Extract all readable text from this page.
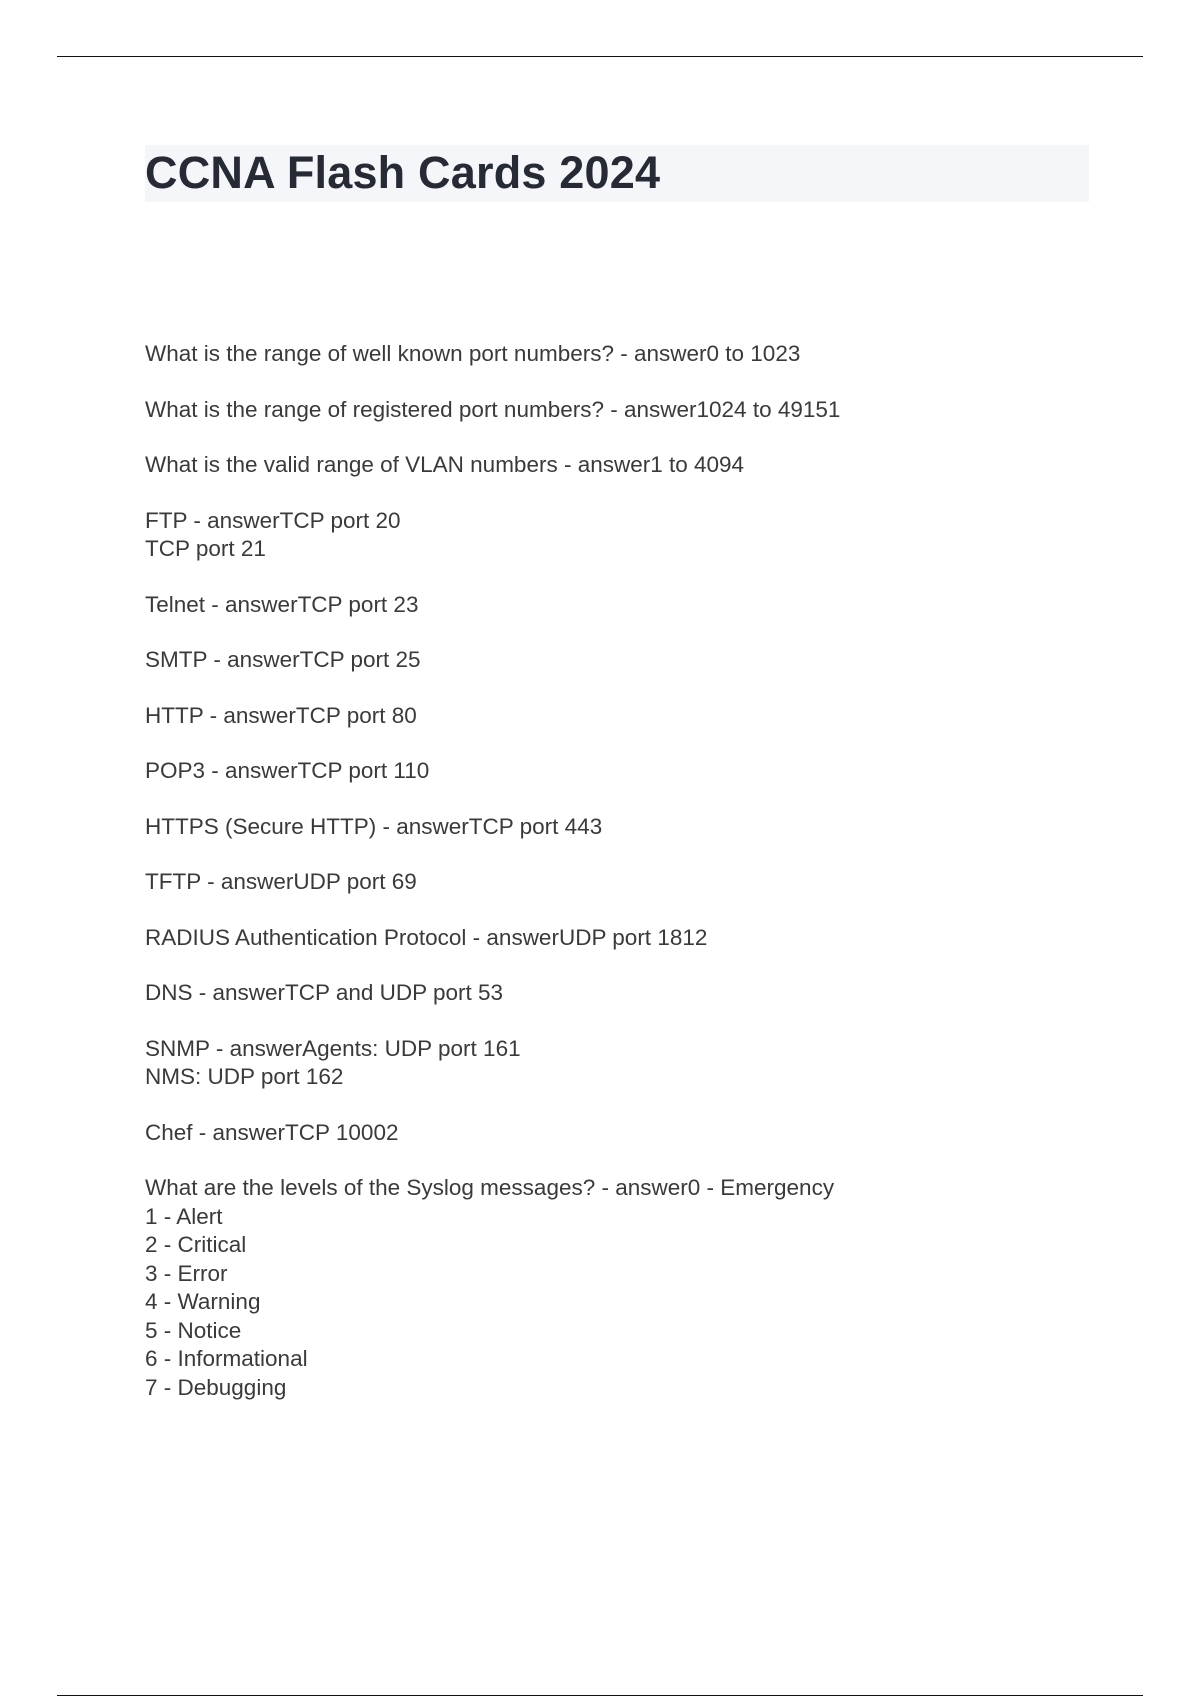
CCNA Flash Cards 2024

What is the range of well known port numbers? - answer0 to 1023

What is the range of registered port numbers? - answer1024 to 49151

What is the valid range of VLAN numbers - answer1 to 4094

FTP - answerTCP port 20
TCP port 21

Telnet - answerTCP port 23

SMTP - answerTCP port 25

HTTP - answerTCP port 80

POP3 - answerTCP port 110

HTTPS (Secure HTTP) - answerTCP port 443

TFTP - answerUDP port 69

RADIUS Authentication Protocol - answerUDP port 1812

DNS - answerTCP and UDP port 53

SNMP - answerAgents: UDP port 161
NMS: UDP port 162

Chef - answerTCP 10002

What are the levels of the Syslog messages? - answer0 - Emergency
1 - Alert
2 - Critical
3 - Error
4 - Warning
5 - Notice
6 - Informational
7 - Debugging
